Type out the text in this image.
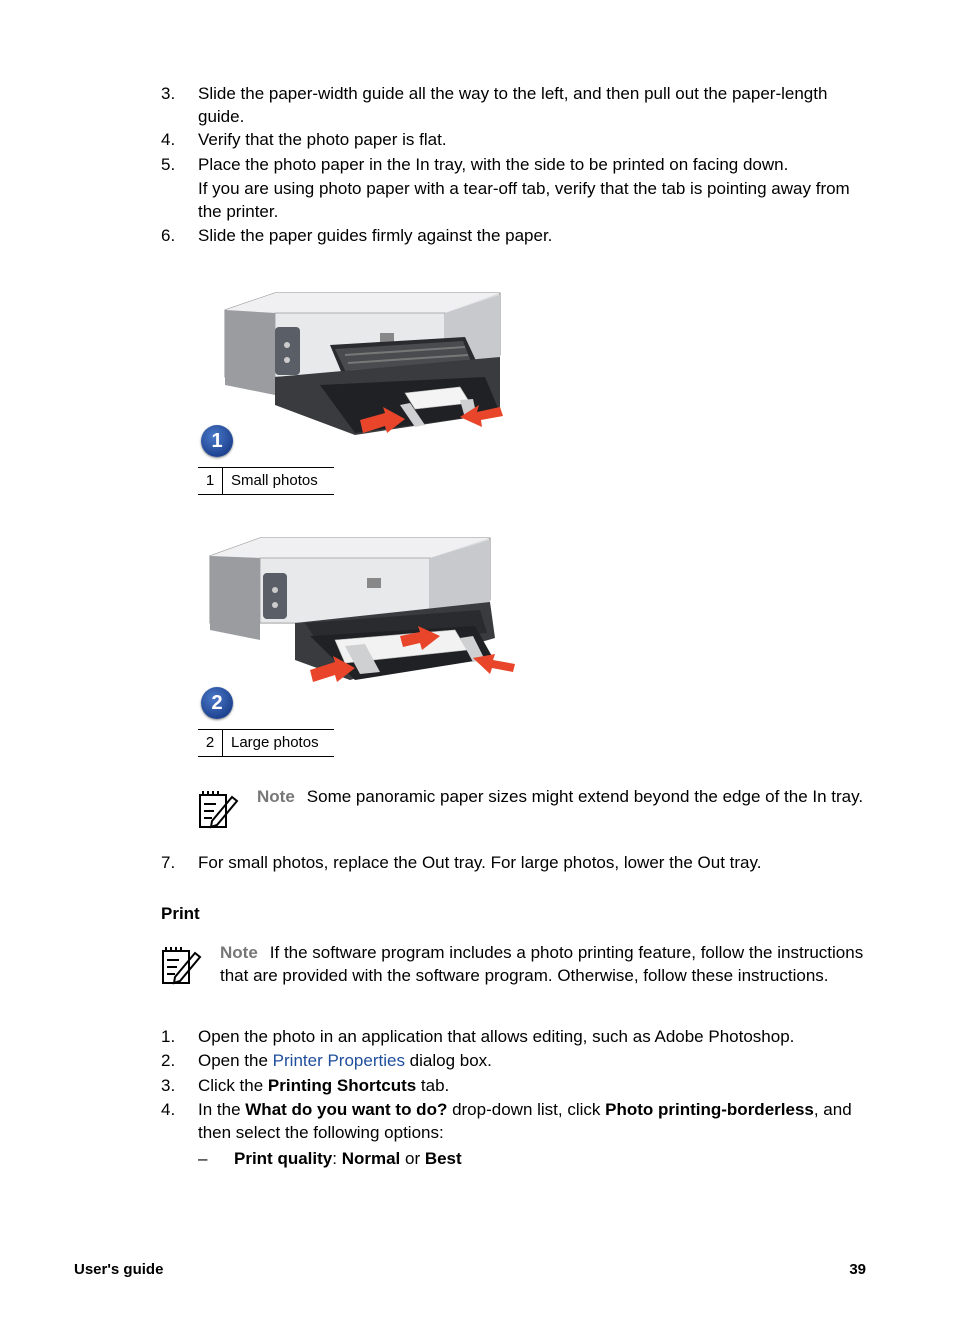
3. Slide the paper-width guide all the way to the left, and then pull out the paper-length guide.
4. Verify that the photo paper is flat.
5. Place the photo paper in the In tray, with the side to be printed on facing down.
If you are using photo paper with a tear-off tab, verify that the tab is pointing away from the printer.
6. Slide the paper guides firmly against the paper.
1
1	Small photos
2
2	Large photos
Note Some panoramic paper sizes might extend beyond the edge of the In tray.
7. For small photos, replace the Out tray. For large photos, lower the Out tray.
Print
Note If the software program includes a photo printing feature, follow the instructions that are provided with the software program. Otherwise, follow these instructions.
1. Open the photo in an application that allows editing, such as Adobe Photoshop.
2. Open the Printer Properties dialog box.
3. Click the Printing Shortcuts tab.
4. In the What do you want to do? drop-down list, click Photo printing-borderless, and then select the following options:
– Print quality: Normal or Best
User's guide	39
